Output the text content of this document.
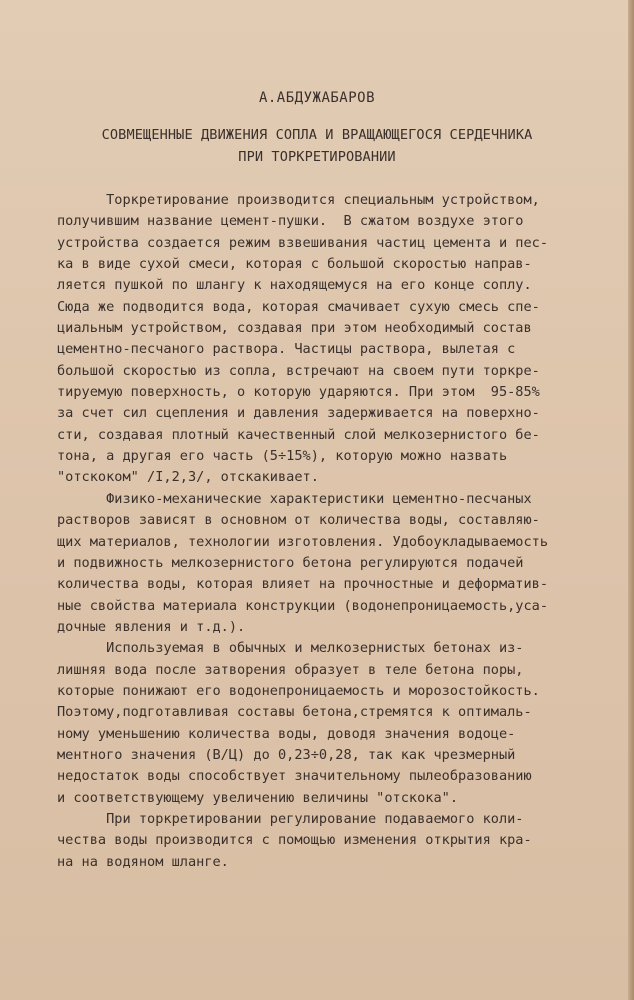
А.АБДУЖАБАРОВ
СОВМЕЩЕННЫЕ ДВИЖЕНИЯ СОПЛА И ВРАЩАЮЩЕГОСЯ СЕРДЕЧНИКА
ПРИ ТОРКРЕТИРОВАНИИ
Торкретирование производится специальным устройством,
получившим название цемент-пушки.  В сжатом воздухе этого
устройства создается режим взвешивания частиц цемента и пес-
ка в виде сухой смеси, которая с большой скоростью направ-
ляется пушкой по шлангу к находящемуся на его конце соплу.
Сюда же подводится вода, которая смачивает сухую смесь спе-
циальным устройством, создавая при этом необходимый состав
цементно-песчаного раствора. Частицы раствора, вылетая с
большой скоростью из сопла, встречают на своем пути торкре-
тируемую поверхность, о которую ударяются. При этом  95-85%
за счет сил сцепления и давления задерживается на поверхно-
сти, создавая плотный качественный слой мелкозернистого бе-
тона, а другая его часть (5÷15%), которую можно назвать
"отскоком" /I,2,3/, отскакивает.
Физико-механические характеристики цементно-песчаных
растворов зависят в основном от количества воды, составляю-
щих материалов, технологии изготовления. Удобоукладываемость
и подвижность мелкозернистого бетона регулируются подачей
количества воды, которая влияет на прочностные и деформатив-
ные свойства материала конструкции (водонепроницаемость,уса-
дочные явления и т.д.).
Используемая в обычных и мелкозернистых бетонах из-
лишняя вода после затворения образует в теле бетона поры,
которые понижают его водонепроницаемость и морозостойкость.
Поэтому,подготавливая составы бетона,стремятся к оптималь-
ному уменьшению количества воды, доводя значения водоце-
ментного значения (В/Ц) до 0,23÷0,28, так как чрезмерный
недостаток воды способствует значительному пылеобразованию
и соответствующему увеличению величины "отскока".
При торкретировании регулирование подаваемого коли-
чества воды производится с помощью изменения открытия кра-
на на водяном шланге.
